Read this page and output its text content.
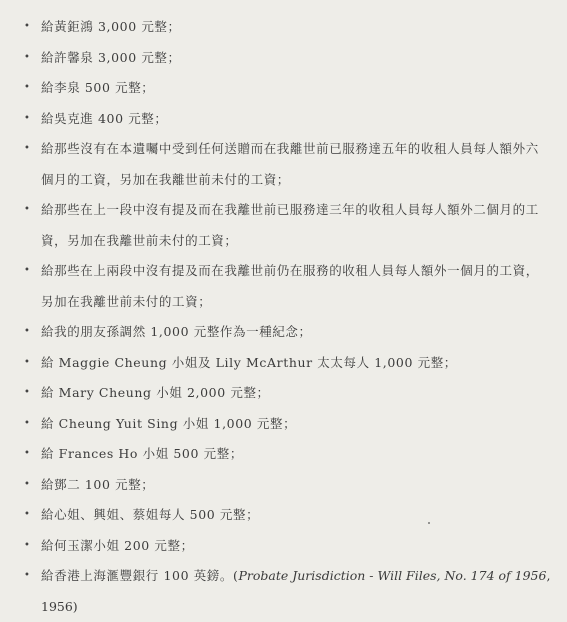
• 給黃鉅鴻 3,000 元整；
• 給許馨泉 3,000 元整；
• 給李泉 500 元整；
• 給吳克進 400 元整；
• 給那些沒有在本遺囑中受到任何送贈而在我離世前已服務達五年的收租人員每人額外六個月的工資，另加在我離世前未付的工資；
• 給那些在上一段中沒有提及而在我離世前已服務達三年的收租人員每人額外二個月的工資，另加在我離世前未付的工資；
• 給那些在上兩段中沒有提及而在我離世前仍在服務的收租人員每人額外一個月的工資，另加在我離世前未付的工資；
• 給我的朋友孫調然 1,000 元整作為一種紀念；
• 給 Maggie Cheung 小姐及 Lily McArthur 太太每人 1,000 元整；
• 給 Mary Cheung 小姐 2,000 元整；
• 給 Cheung Yuit Sing 小姐 1,000 元整；
• 給 Frances Ho 小姐 500 元整；
• 給鄧二 100 元整；
• 給心姐、興姐、蔡姐每人 500 元整；
• 給何玉潔小姐 200 元整；
• 給香港上海滙豐銀行 100 英鎊。(Probate Jurisdiction - Will Files, No. 174 of 1956, 1956)
